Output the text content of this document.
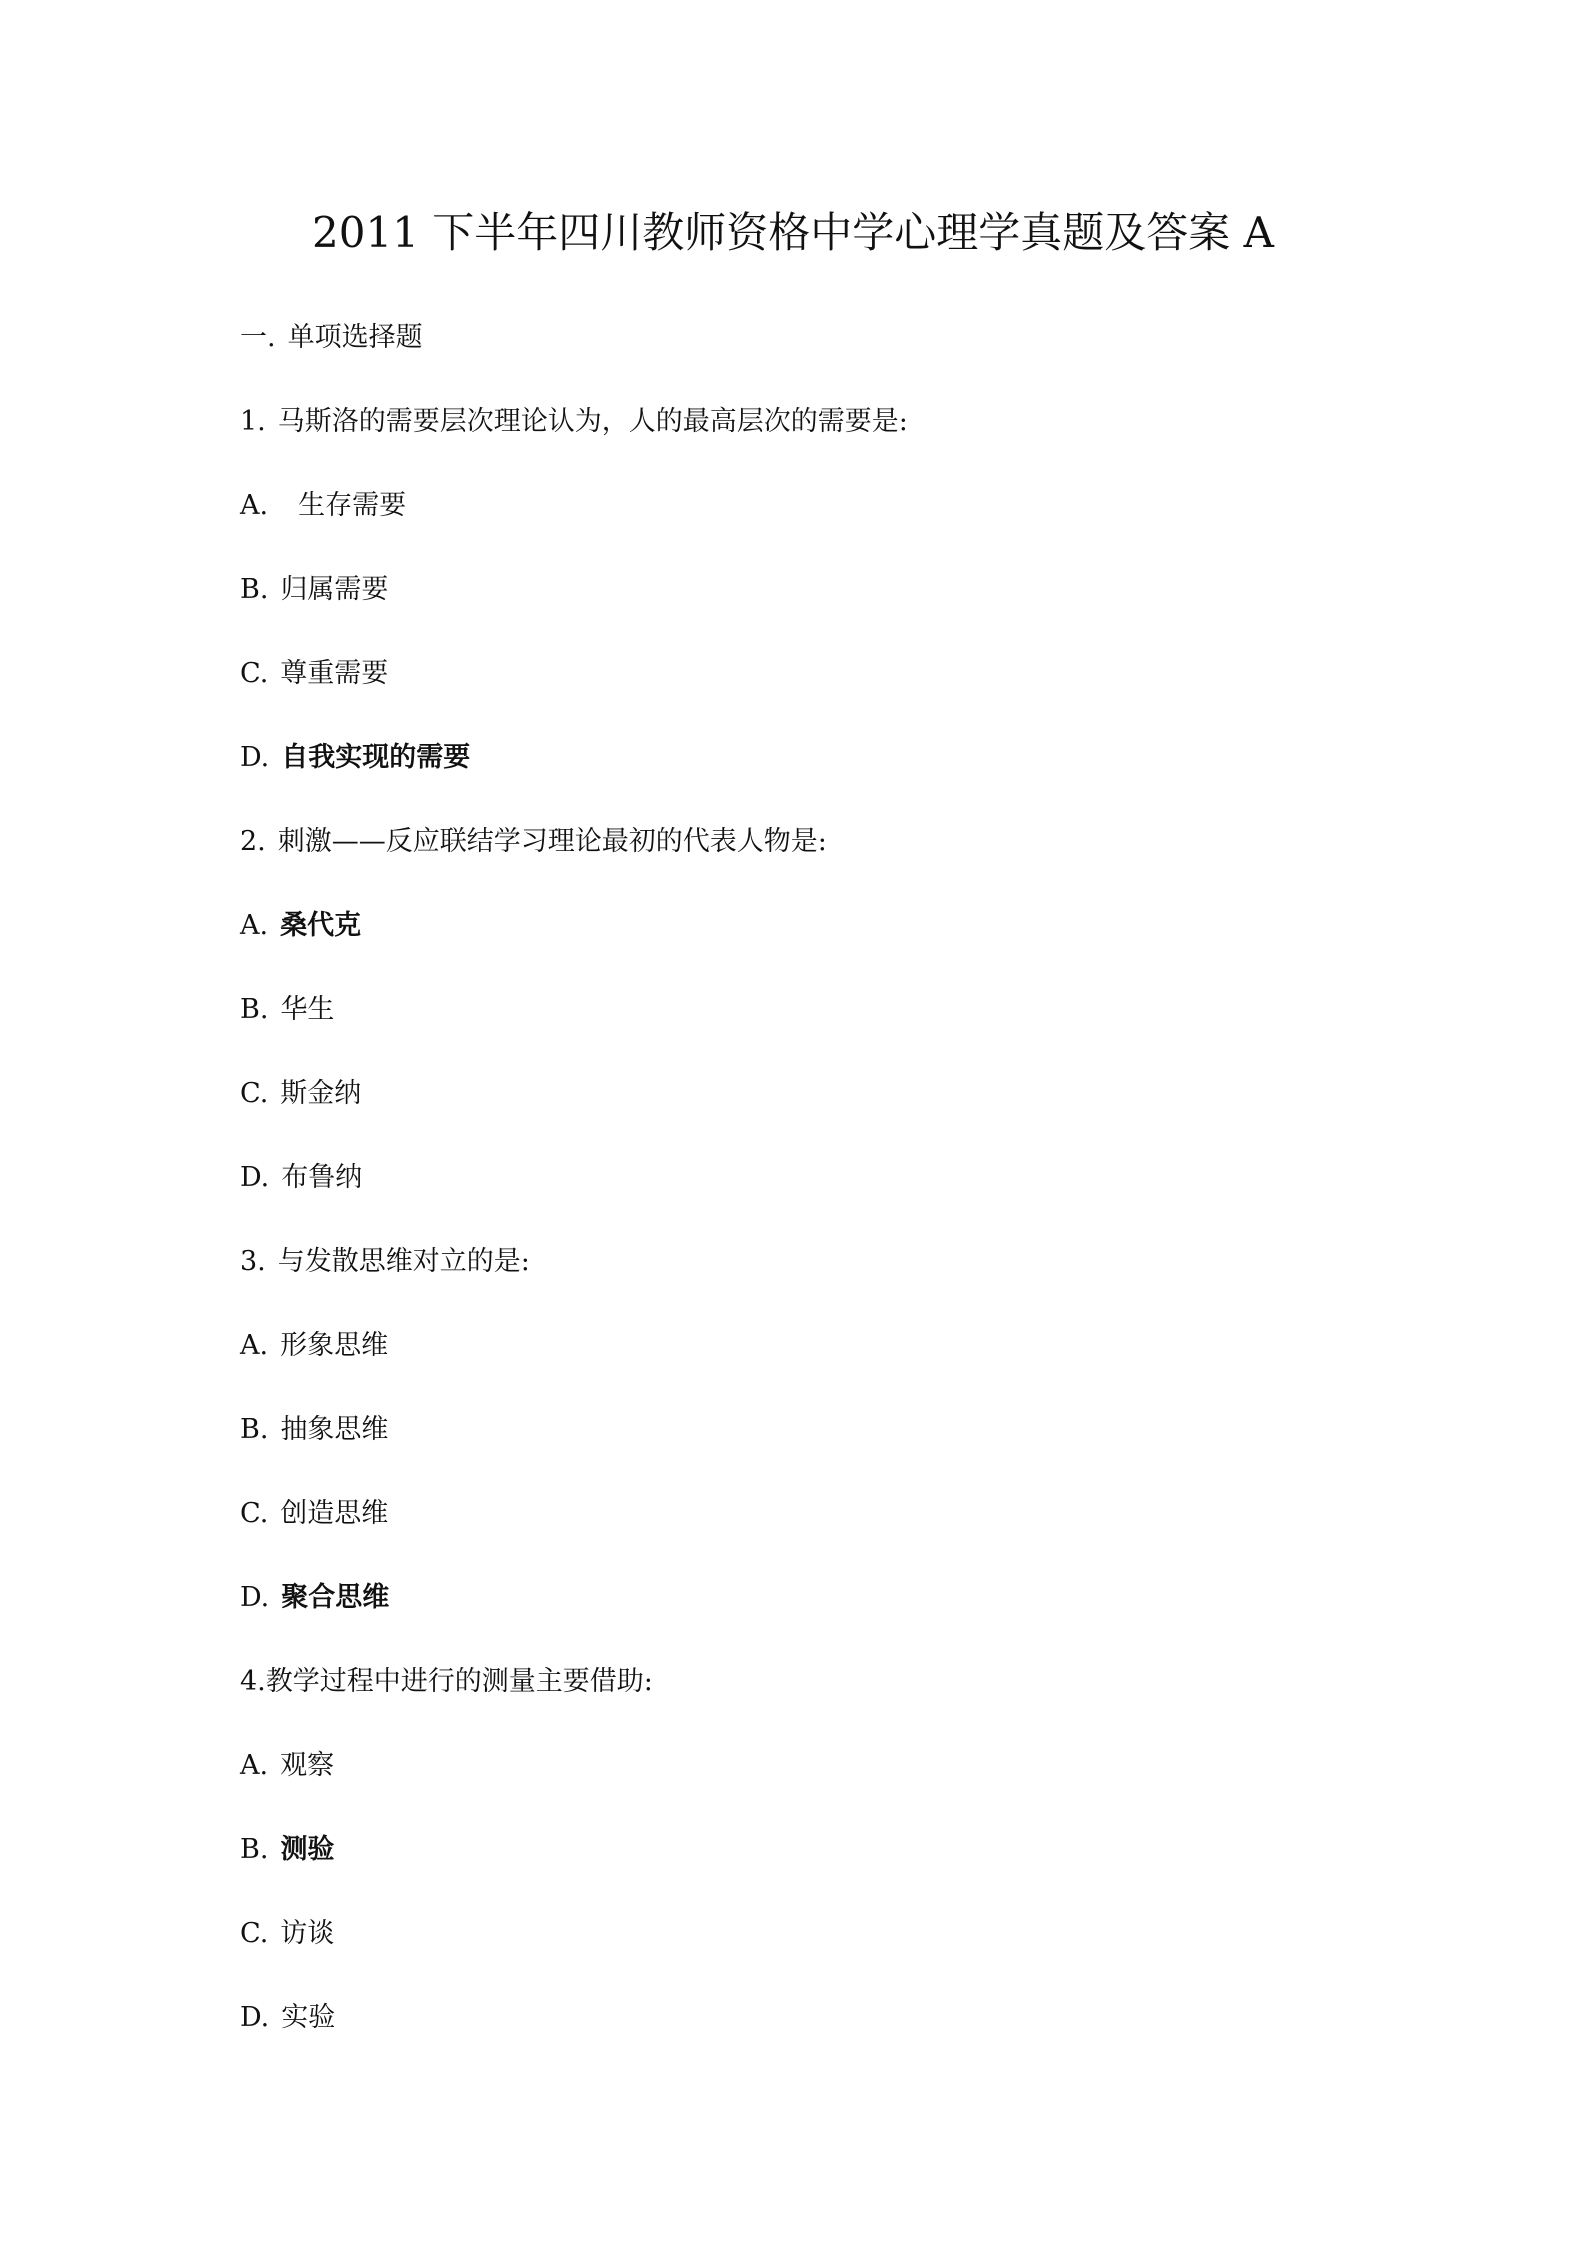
2011 下半年四川教师资格中学心理学真题及答案 A
一. 单项选择题
1. 马斯洛的需要层次理论认为，人的最高层次的需要是:
A. 生存需要
B. 归属需要
C. 尊重需要
D. 自我实现的需要
2. 刺激——反应联结学习理论最初的代表人物是:
A. 桑代克
B. 华生
C. 斯金纳
D. 布鲁纳
3. 与发散思维对立的是:
A. 形象思维
B. 抽象思维
C. 创造思维
D. 聚合思维
4.教学过程中进行的测量主要借助:
A. 观察
B. 测验
C. 访谈
D. 实验
